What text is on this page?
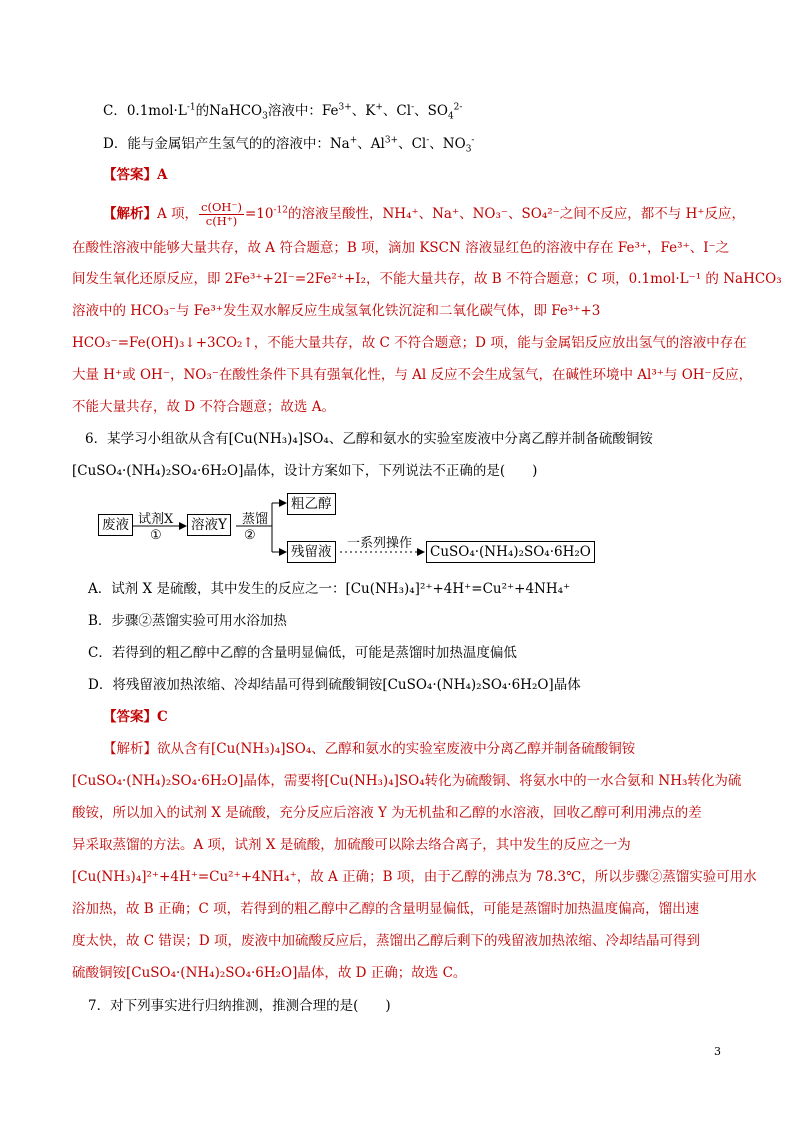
C．$0.1mol\cdot L^{-1}$的NaHCO$_3$溶液中：$Fe^{3+}$、K+、Cl-、$SO_4^{2-}$
D．能与金属铝产生氢气的的溶液中：Na+、$Al^{3+}$、Cl-、$NO_3^-$
【答案】A
【解析】A 项， $\frac{c(OH^-)}{c(H^+)} =10^{-12}$的溶液呈酸性，NH₄⁺、Na⁺、NO₃⁻、SO₄²⁻之间不反应，都不与 H⁺反应，
在酸性溶液中能够大量共存，故 A 符合题意；B 项，滴加 KSCN 溶液显红色的溶液中存在 Fe³⁺，Fe³⁺、I⁻之
间发生氧化还原反应，即 2Fe³⁺+2I⁻=2Fe²⁺+I₂，不能大量共存，故 B 不符合题意；C 项，0.1mol·L⁻¹ 的 NaHCO₃
溶液中的 HCO₃⁻与 Fe³⁺发生双水解反应生成氢氧化铁沉淀和二氧化碳气体，即 Fe³⁺+3
HCO₃⁻=Fe(OH)₃↓+3CO₂↑，不能大量共存，故 C 不符合题意；D 项，能与金属铝反应放出氢气的溶液中存在
大量 H⁺或 OH⁻，NO₃⁻在酸性条件下具有强氧化性，与 Al 反应不会生成氢气，在碱性环境中 Al³⁺与 OH⁻反应，
不能大量共存，故 D 不符合题意；故选 A。
6．某学习小组欲从含有[Cu(NH₃)₄]SO₄、乙醇和氨水的实验室废液中分离乙醇并制备硫酸铜铵
[CuSO₄·(NH₄)₂SO₄·6H₂O]晶体，设计方案如下，下列说法不正确的是(　　)
废液 试剂X
①
溶液Y	蒸馏
②
粗乙醇
残留液
一系列操作
CuSO₄·(NH₄)₂SO₄·6H₂O
A．试剂 X 是硫酸，其中发生的反应之一：[Cu(NH₃)₄]²⁺+4H⁺=Cu²⁺+4NH₄⁺
B．步骤②蒸馏实验可用水浴加热
C．若得到的粗乙醇中乙醇的含量明显偏低，可能是蒸馏时加热温度偏低
D．将残留液加热浓缩、冷却结晶可得到硫酸铜铵[CuSO₄·(NH₄)₂SO₄·6H₂O]晶体
【答案】C
【解析】欲从含有[Cu(NH₃)₄]SO₄、乙醇和氨水的实验室废液中分离乙醇并制备硫酸铜铵
[CuSO₄·(NH₄)₂SO₄·6H₂O]晶体，需要将[Cu(NH₃)₄]SO₄转化为硫酸铜、将氨水中的一水合氨和 NH₃转化为硫
酸铵，所以加入的试剂 X 是硫酸，充分反应后溶液 Y 为无机盐和乙醇的水溶液，回收乙醇可利用沸点的差
异采取蒸馏的方法。A 项，试剂 X 是硫酸，加硫酸可以除去络合离子，其中发生的反应之一为
[Cu(NH₃)₄]²⁺+4H⁺=Cu²⁺+4NH₄⁺，故 A 正确；B 项，由于乙醇的沸点为 78.3℃，所以步骤②蒸馏实验可用水
浴加热，故 B 正确；C 项，若得到的粗乙醇中乙醇的含量明显偏低，可能是蒸馏时加热温度偏高，馏出速
度太快，故 C 错误；D 项，废液中加硫酸反应后，蒸馏出乙醇后剩下的残留液加热浓缩、冷却结晶可得到
硫酸铜铵[CuSO₄·(NH₄)₂SO₄·6H₂O]晶体，故 D 正确；故选 C。
7．对下列事实进行归纳推测，推测合理的是(　　)
3
